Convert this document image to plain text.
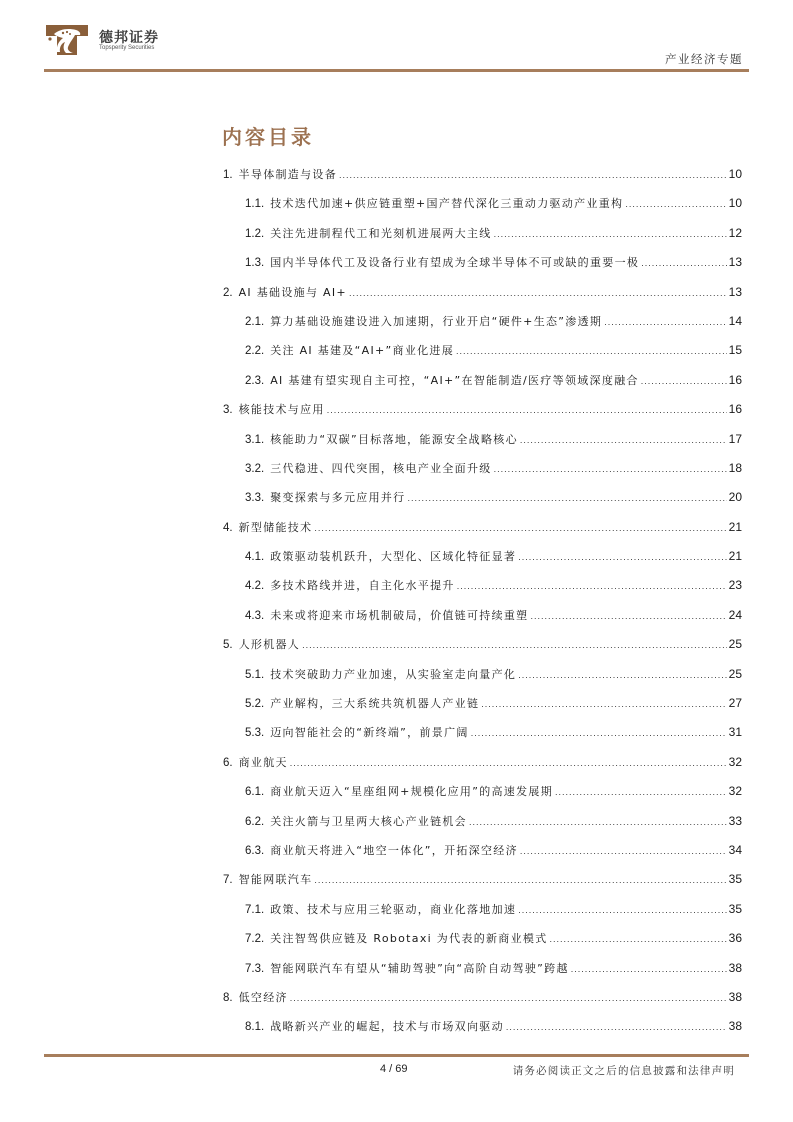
德邦证券
Topsperity Securities
产业经济专题
内容目录
1. 半导体制造与设备 .....	10
1.1. 技术迭代加速+供应链重塑+国产替代深化三重动力驱动产业重构 .....	10
1.2. 关注先进制程代工和光刻机进展两大主线 .....	12
1.3. 国内半导体代工及设备行业有望成为全球半导体不可或缺的重要一极 .....	13
2. AI 基础设施与 AI+ .....	13
2.1. 算力基础设施建设进入加速期，行业开启“硬件+生态”渗透期 .....	14
2.2. 关注 AI 基建及“AI+”商业化进展 .....	15
2.3. AI 基建有望实现自主可控，“AI+”在智能制造/医疗等领域深度融合 .....	16
3. 核能技术与应用 .....	16
3.1. 核能助力“双碳”目标落地，能源安全战略核心 .....	17
3.2. 三代稳进、四代突围，核电产业全面升级 .....	18
3.3. 聚变探索与多元应用并行 .....	20
4. 新型储能技术 .....	21
4.1. 政策驱动装机跃升，大型化、区域化特征显著 .....	21
4.2. 多技术路线并进，自主化水平提升 .....	23
4.3. 未来或将迎来市场机制破局，价值链可持续重塑 .....	24
5. 人形机器人 .....	25
5.1. 技术突破助力产业加速，从实验室走向量产化 .....	25
5.2. 产业解构，三大系统共筑机器人产业链 .....	27
5.3. 迈向智能社会的“新终端”，前景广阔 .....	31
6. 商业航天 .....	32
6.1. 商业航天迈入“星座组网+规模化应用”的高速发展期 .....	32
6.2. 关注火箭与卫星两大核心产业链机会 .....	33
6.3. 商业航天将进入“地空一体化”，开拓深空经济 .....	34
7. 智能网联汽车 .....	35
7.1. 政策、技术与应用三轮驱动，商业化落地加速 .....	35
7.2. 关注智驾供应链及 Robotaxi 为代表的新商业模式 .....	36
7.3. 智能网联汽车有望从“辅助驾驶”向“高阶自动驾驶”跨越 .....	38
8. 低空经济 .....	38
8.1. 战略新兴产业的崛起，技术与市场双向驱动 .....	38
4 / 69	请务必阅读正文之后的信息披露和法律声明
